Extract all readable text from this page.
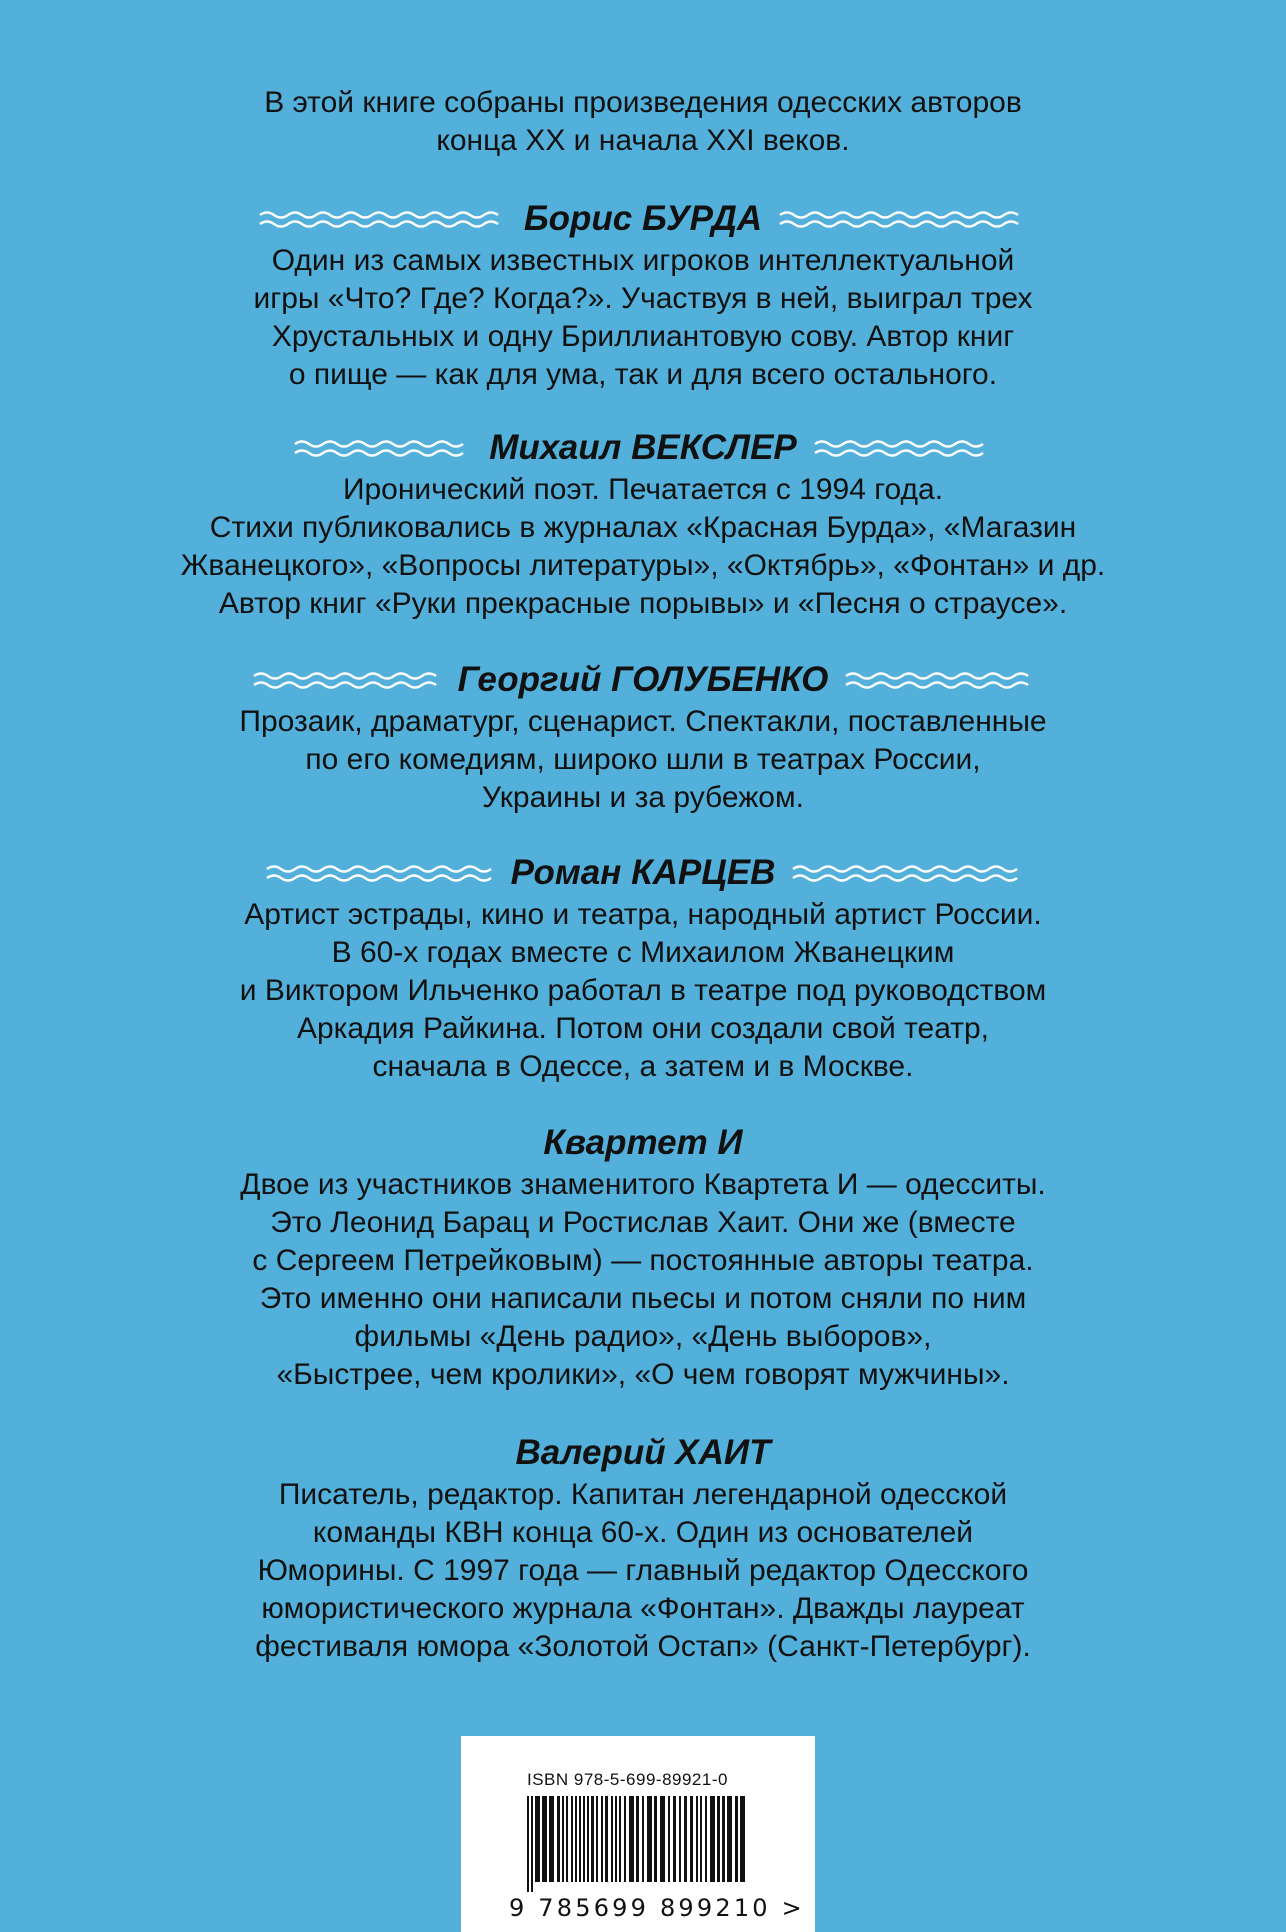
В этой книге собраны произведения одесских авторов
конца ХХ и начала XXI веков.
Борис БУРДА
Один из самых известных игроков интеллектуальной
игры «Что? Где? Когда?». Участвуя в ней, выиграл трех
Хрустальных и одну Бриллиантовую сову. Автор книг
о пище — как для ума, так и для всего остального.
Михаил ВЕКСЛЕР
Иронический поэт. Печатается с 1994 года.
Стихи публиковались в журналах «Красная Бурда», «Магазин
Жванецкого», «Вопросы литературы», «Октябрь», «Фонтан» и др.
Автор книг «Руки прекрасные порывы» и «Песня о страусе».
Георгий ГОЛУБЕНКО
Прозаик, драматург, сценарист. Спектакли, поставленные
по его комедиям, широко шли в театрах России,
Украины и за рубежом.
Роман КАРЦЕВ
Артист эстрады, кино и театра, народный артист России.
В 60-х годах вместе с Михаилом Жванецким
и Виктором Ильченко работал в театре под руководством
Аркадия Райкина. Потом они создали свой театр,
сначала в Одессе, а затем и в Москве.
Квартет И
Двое из участников знаменитого Квартета И — одесситы.
Это Леонид Барац и Ростислав Хаит. Они же (вместе
с Сергеем Петрейковым) — постоянные авторы театра.
Это именно они написали пьесы и потом сняли по ним
фильмы «День радио», «День выборов»,
«Быстрее, чем кролики», «О чем говорят мужчины».
Валерий ХАИТ
Писатель, редактор. Капитан легендарной одесской
команды КВН конца 60-х. Один из основателей
Юморины. С 1997 года — главный редактор Одесского
юмористического журнала «Фонтан». Дважды лауреат
фестиваля юмора «Золотой Остап» (Санкт-Петербург).
ISBN 978-5-699-89921-0
9 785699 899210 >
